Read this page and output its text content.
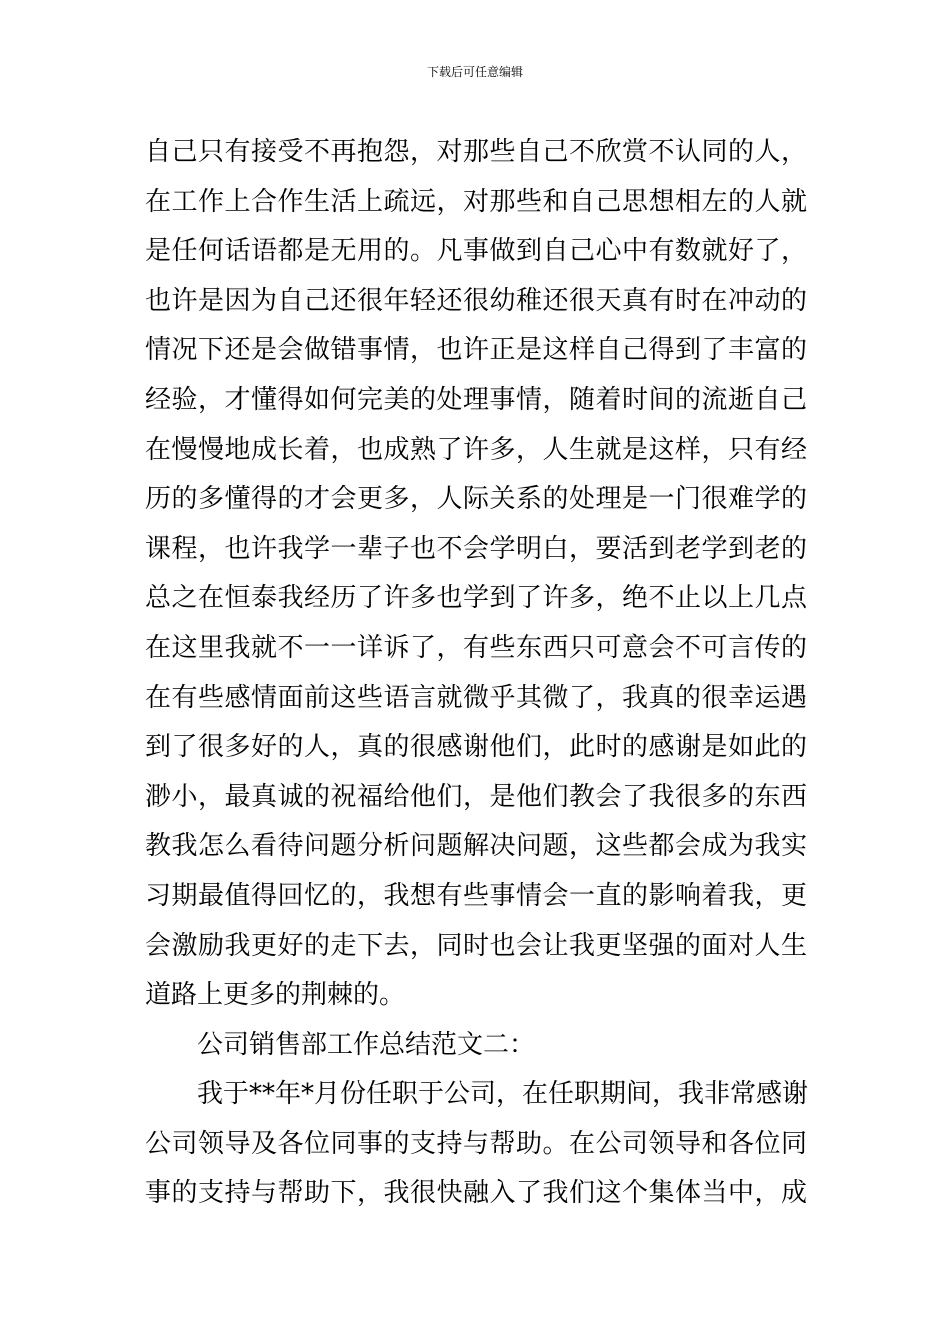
下载后可任意编辑
自己只有接受不再抱怨，对那些自己不欣赏不认同的人，
在工作上合作生活上疏远，对那些和自己思想相左的人就
是任何话语都是无用的。凡事做到自己心中有数就好了，
也许是因为自己还很年轻还很幼稚还很天真有时在冲动的
情况下还是会做错事情，也许正是这样自己得到了丰富的
经验，才懂得如何完美的处理事情，随着时间的流逝自己
在慢慢地成长着，也成熟了许多，人生就是这样，只有经
历的多懂得的才会更多，人际关系的处理是一门很难学的
课程，也许我学一辈子也不会学明白，要活到老学到老的
总之在恒泰我经历了许多也学到了许多，绝不止以上几点
在这里我就不一一详诉了，有些东西只可意会不可言传的
在有些感情面前这些语言就微乎其微了，我真的很幸运遇
到了很多好的人，真的很感谢他们，此时的感谢是如此的
渺小，最真诚的祝福给他们，是他们教会了我很多的东西
教我怎么看待问题分析问题解决问题，这些都会成为我实
习期最值得回忆的，我想有些事情会一直的影响着我，更
会激励我更好的走下去，同时也会让我更坚强的面对人生
道路上更多的荆棘的。
公司销售部工作总结范文二：
我于**年*月份任职于公司，在任职期间，我非常感谢
公司领导及各位同事的支持与帮助。在公司领导和各位同
事的支持与帮助下，我很快融入了我们这个集体当中，成
